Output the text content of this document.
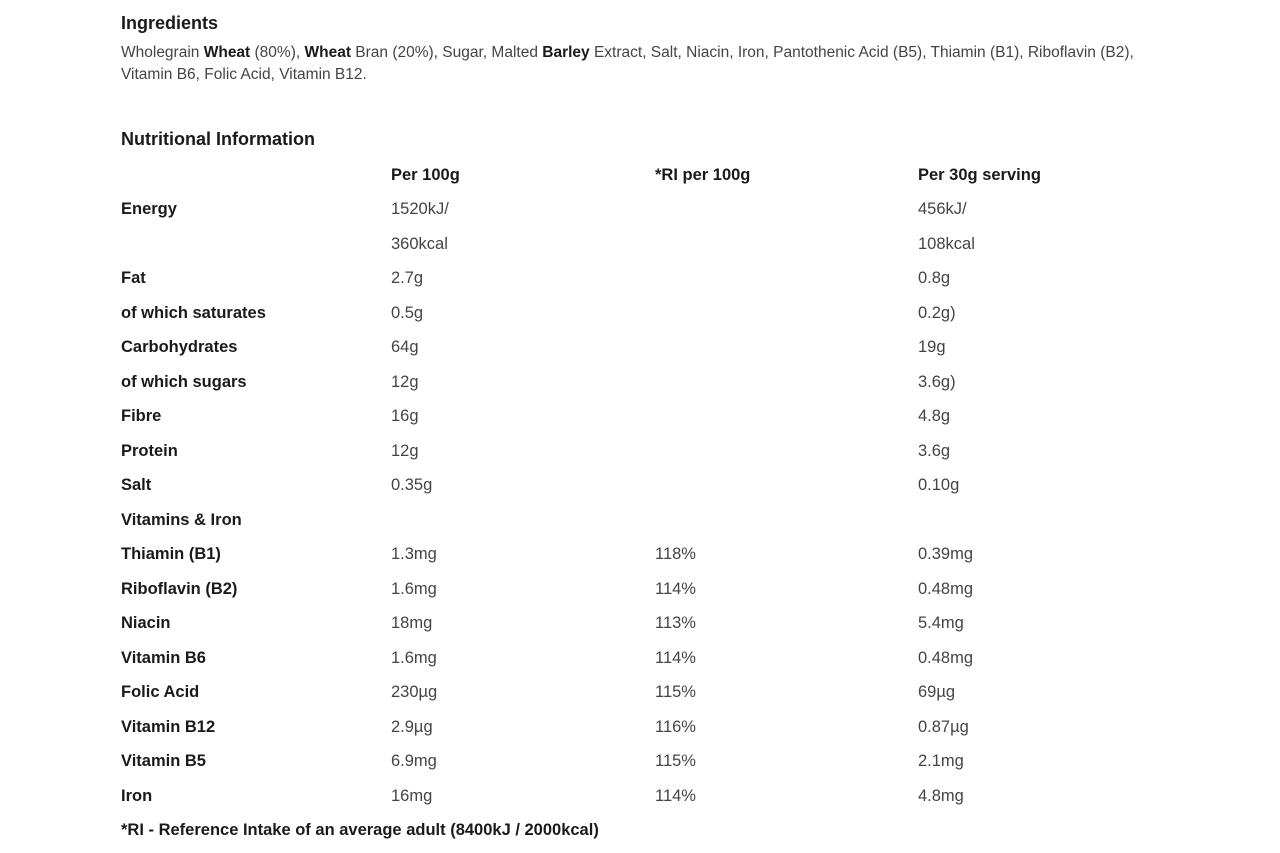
Ingredients

Wholegrain Wheat (80%), Wheat Bran (20%), Sugar, Malted Barley Extract, Salt, Niacin, Iron, Pantothenic Acid (B5), Thiamin (B1), Riboflavin (B2), Vitamin B6, Folic Acid, Vitamin B12.

Nutritional Information
	Per 100g	*RI per 100g	Per 30g serving
Energy	1520kJ/		456kJ/
	360kcal		108kcal
Fat	2.7g		0.8g
of which saturates	0.5g		0.2g)
Carbohydrates	64g		19g
of which sugars	12g		3.6g)
Fibre	16g		4.8g
Protein	12g		3.6g
Salt	0.35g		0.10g
Vitamins & Iron			
Thiamin (B1)	1.3mg	118%	0.39mg
Riboflavin (B2)	1.6mg	114%	0.48mg
Niacin	18mg	113%	5.4mg
Vitamin B6	1.6mg	114%	0.48mg
Folic Acid	230µg	115%	69µg
Vitamin B12	2.9µg	116%	0.87µg
Vitamin B5	6.9mg	115%	2.1mg
Iron	16mg	114%	4.8mg

*RI - Reference Intake of an average adult (8400kJ / 2000kcal)
